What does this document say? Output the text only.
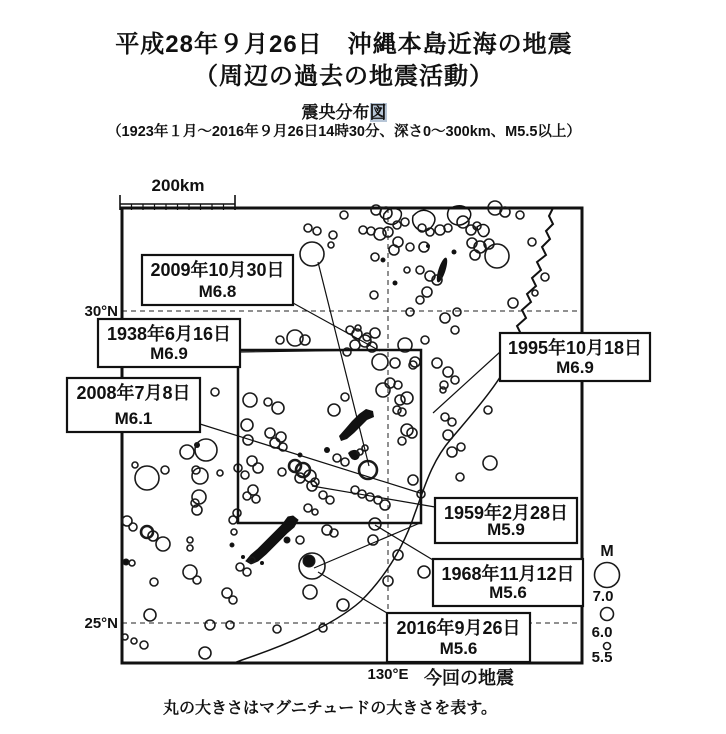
平成28年９月26日　沖縄本島近海の地震
（周辺の過去の地震活動）
震央分布図
（1923年１月～2016年９月26日14時30分、深さ0～300km、M5.5以上）
200km
2009年10月30日
M6.8
1938年6月16日
M6.9
2008年7月8日
M6.1
1995年10月18日
M6.9
1959年2月28日
M5.9
1968年11月12日
M5.6
2016年9月26日
M5.6
30°N
25°N
130°E 今回の地震
丸の大きさはマグニチュードの大きさを表す。
M
7.0
6.0
5.5
